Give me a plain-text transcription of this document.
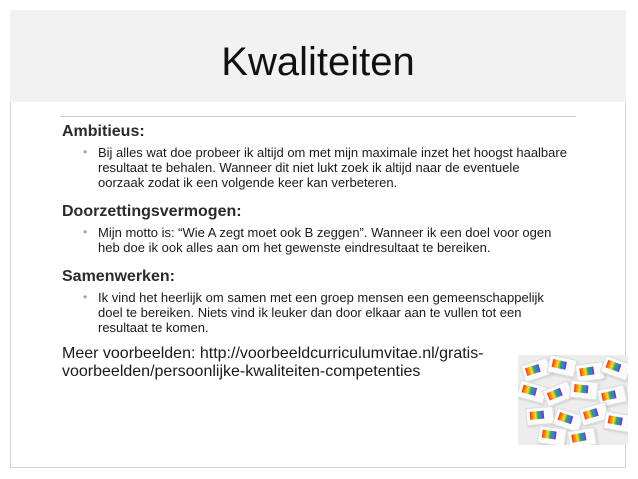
Kwaliteiten

Ambitieus:

• Bij alles wat doe probeer ik altijd om met mijn maximale inzet het hoogst haalbare resultaat te behalen. Wanneer dit niet lukt zoek ik altijd naar de eventuele oorzaak zodat ik een volgende keer kan verbeteren.

Doorzettingsvermogen:

• Mijn motto is: “Wie A zegt moet ook B zeggen”. Wanneer ik een doel voor ogen heb doe ik ook alles aan om het gewenste eindresultaat te bereiken.

Samenwerken:

• Ik vind het heerlijk om samen met een groep mensen een gemeenschappelijk doel te bereiken. Niets vind ik leuker dan door elkaar aan te vullen tot een resultaat te komen.

Meer voorbeelden: http://voorbeeldcurriculumvitae.nl/gratis-voorbeelden/persoonlijke-kwaliteiten-competenties
